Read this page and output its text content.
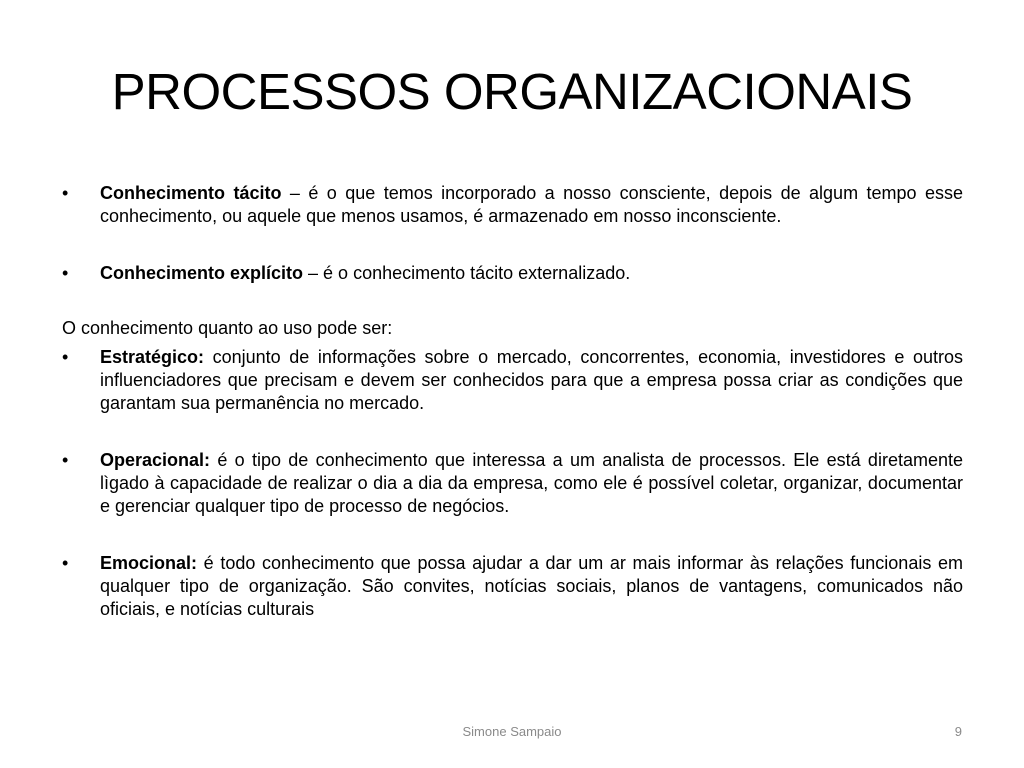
PROCESSOS ORGANIZACIONAIS
•	Conhecimento tácito – é o que temos incorporado a nosso consciente, depois de algum tempo esse conhecimento, ou aquele que menos usamos, é armazenado em nosso inconsciente.
•	Conhecimento explícito – é o conhecimento tácito externalizado.

O conhecimento quanto ao uso pode ser:

•	Estratégico: conjunto de informações sobre o mercado, concorrentes, economia, investidores e outros influenciadores que precisam e devem ser conhecidos para que a empresa possa criar as condições que garantam sua permanência no mercado.
•	Operacional: é o tipo de conhecimento que interessa a um analista de processos. Ele está diretamente lìgado à capacidade de realizar o dia a dia da empresa, como ele é possível coletar, organizar, documentar e gerenciar qualquer tipo de processo de negócios.
•	Emocional: é todo conhecimento que possa ajudar a dar um ar mais informar às relações funcionais em qualquer tipo de organização. São convites, notícias sociais, planos de vantagens, comunicados não oficiais, e notícias culturais
Simone Sampaio	9
